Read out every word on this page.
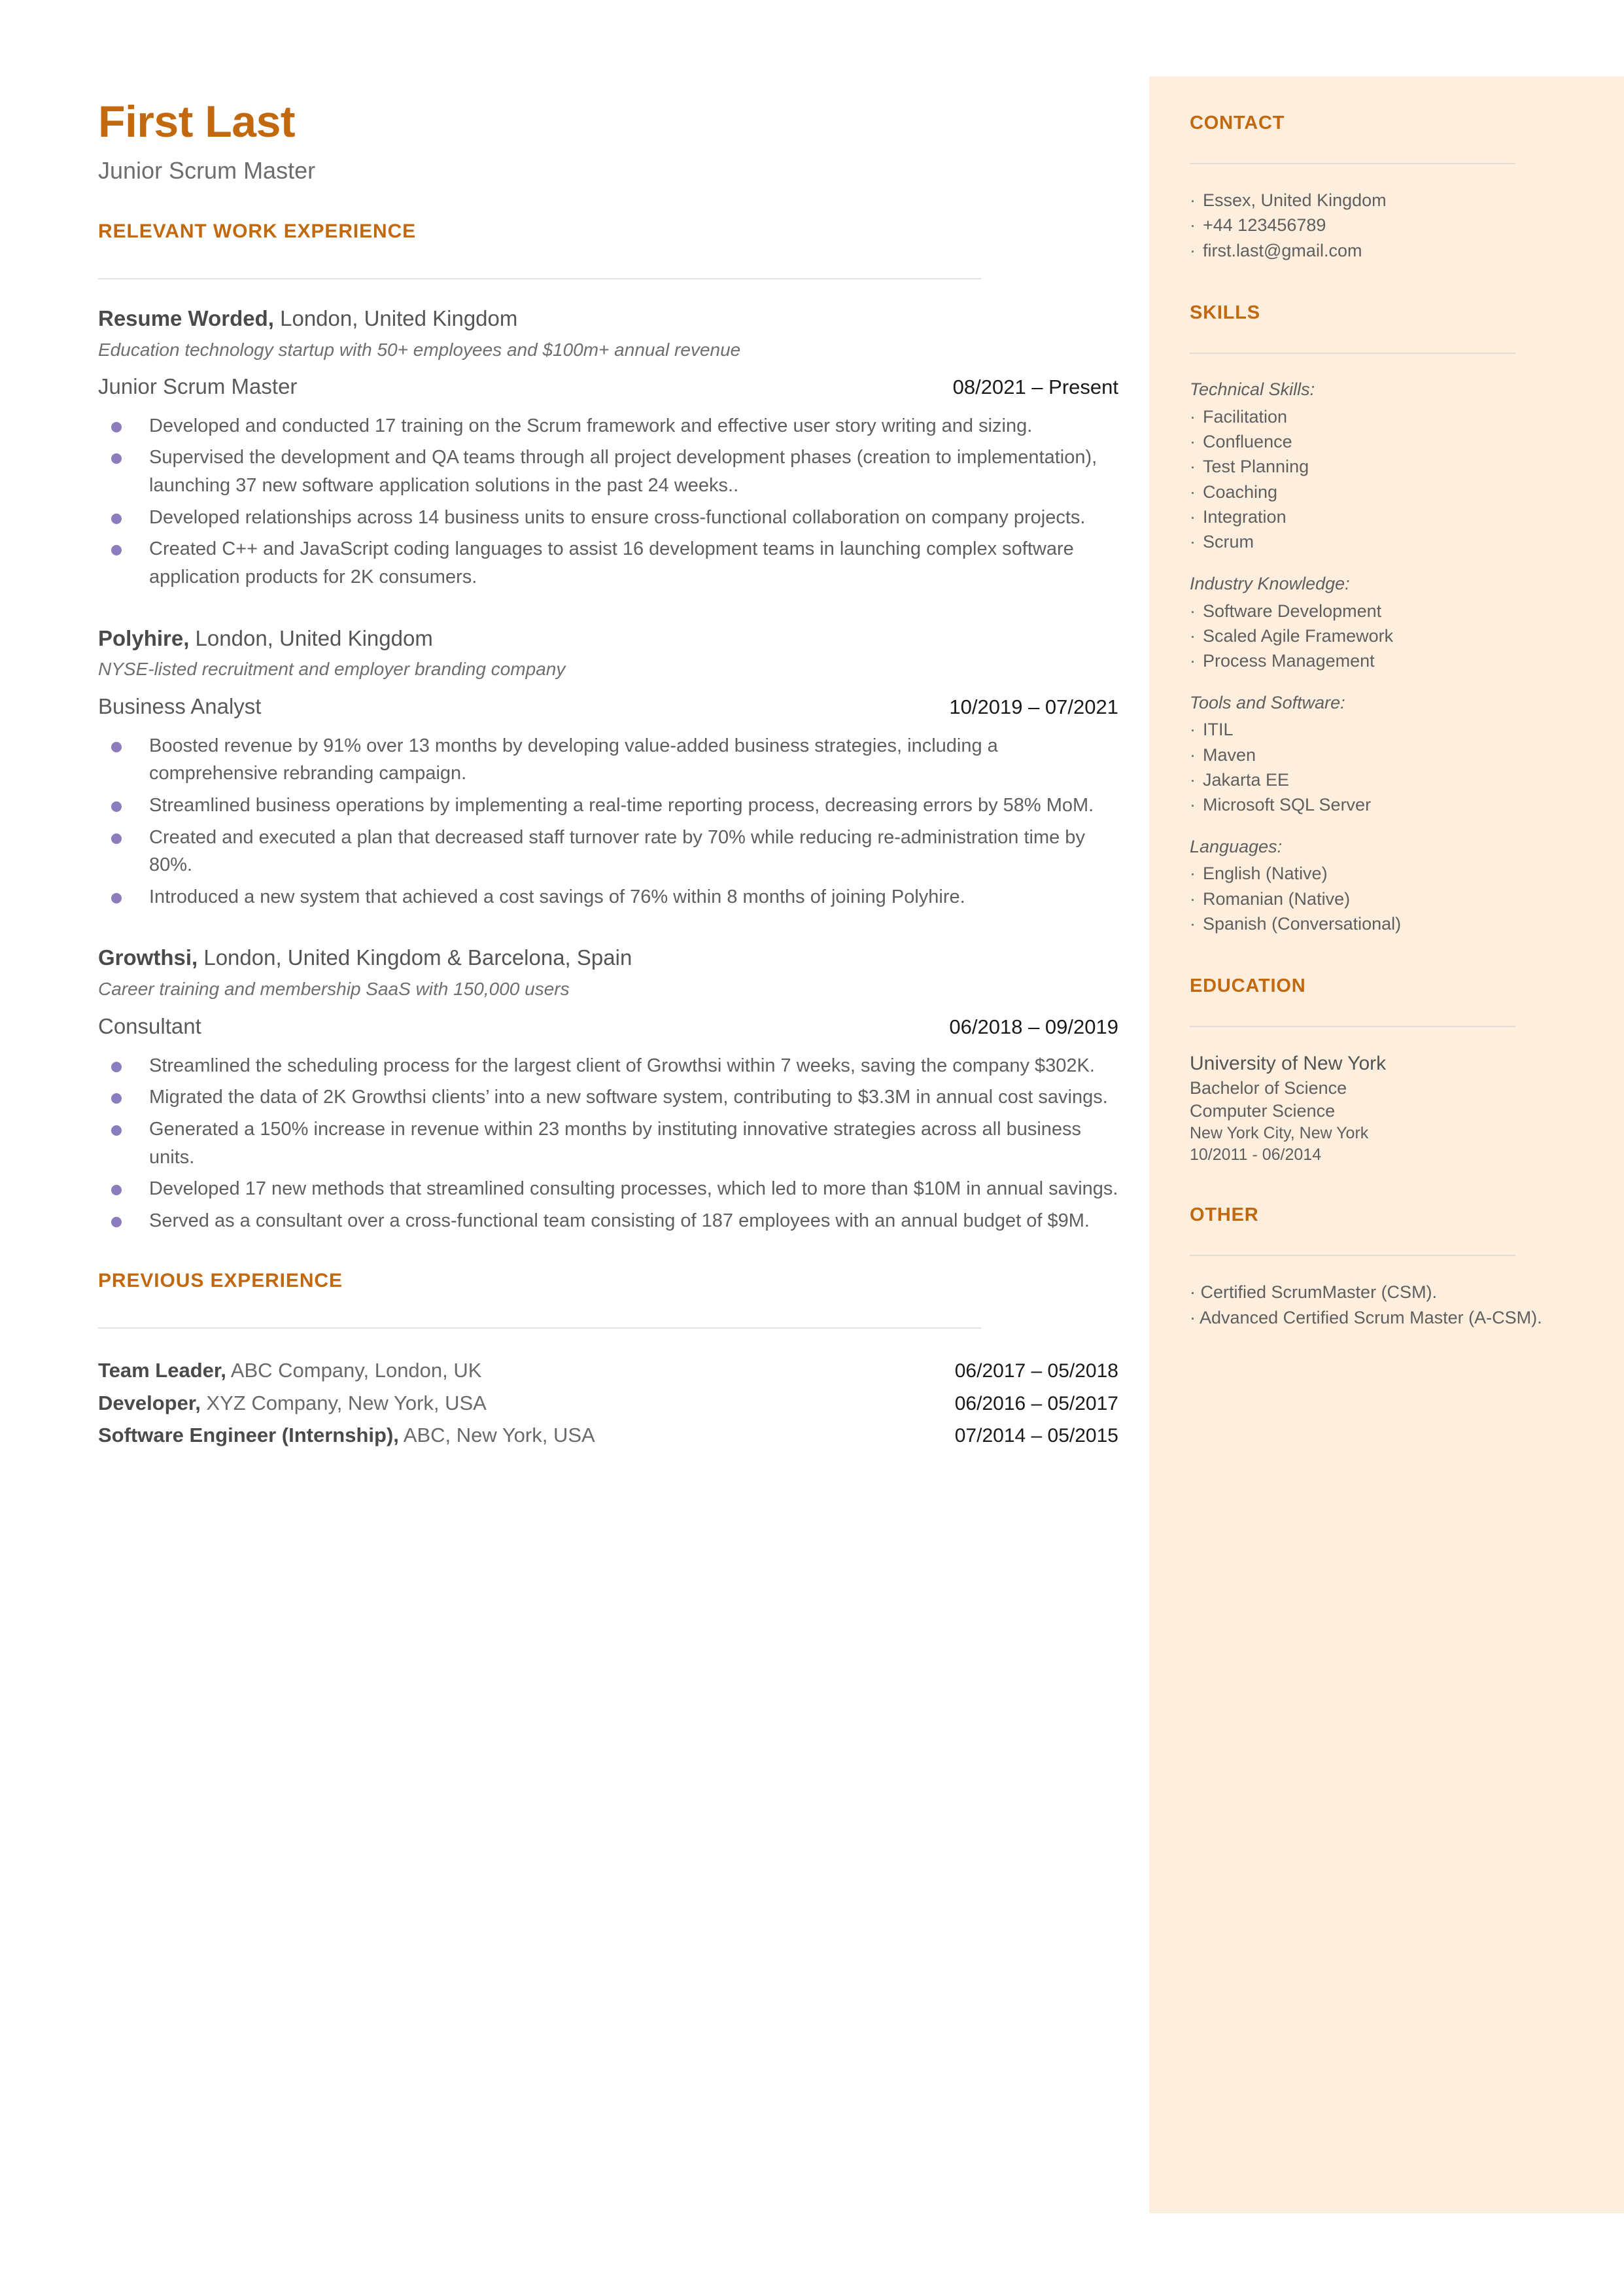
First Last
Junior Scrum Master
RELEVANT WORK EXPERIENCE
Resume Worded, London, United Kingdom
Education technology startup with 50+ employees and $100m+ annual revenue
Junior Scrum Master	08/2021 – Present
Developed and conducted 17 training on the Scrum framework and effective user story writing and sizing.
Supervised the development and QA teams through all project development phases (creation to implementation), launching 37 new software application solutions in the past 24 weeks..
Developed relationships across 14 business units to ensure cross-functional collaboration on company projects.
Created C++ and JavaScript coding languages to assist 16 development teams in launching complex software application products for 2K consumers.
Polyhire, London, United Kingdom
NYSE-listed recruitment and employer branding company
Business Analyst	10/2019 – 07/2021
Boosted revenue by 91% over 13 months by developing value-added business strategies, including a comprehensive rebranding campaign.
Streamlined business operations by implementing a real-time reporting process, decreasing errors by 58% MoM.
Created and executed a plan that decreased staff turnover rate by 70% while reducing re-administration time by 80%.
Introduced a new system that achieved a cost savings of 76% within 8 months of joining Polyhire.
Growthsi, London, United Kingdom & Barcelona, Spain
Career training and membership SaaS with 150,000 users
Consultant	06/2018 – 09/2019
Streamlined the scheduling process for the largest client of Growthsi within 7 weeks, saving the company $302K.
Migrated the data of 2K Growthsi clients’ into a new software system, contributing to $3.3M in annual cost savings.
Generated a 150% increase in revenue within 23 months by instituting innovative strategies across all business units.
Developed 17 new methods that streamlined consulting processes, which led to more than $10M in annual savings.
Served as a consultant over a cross-functional team consisting of 187 employees with an annual budget of $9M.
PREVIOUS EXPERIENCE
Team Leader, ABC Company, London, UK	06/2017 – 05/2018
Developer, XYZ Company, New York, USA	06/2016 – 05/2017
Software Engineer (Internship), ABC, New York, USA	07/2014 – 05/2015
CONTACT
· Essex, United Kingdom
· +44 123456789
· first.last@gmail.com
SKILLS
Technical Skills:
· Facilitation
· Confluence
· Test Planning
· Coaching
· Integration
· Scrum
Industry Knowledge:
· Software Development
· Scaled Agile Framework
· Process Management
Tools and Software:
· ITIL
· Maven
· Jakarta EE
· Microsoft SQL Server
Languages:
· English (Native)
· Romanian (Native)
· Spanish (Conversational)
EDUCATION
University of New York
Bachelor of Science
Computer Science
New York City, New York
10/2011 - 06/2014
OTHER
· Certified ScrumMaster (CSM).
· Advanced Certified Scrum Master (A-CSM).
